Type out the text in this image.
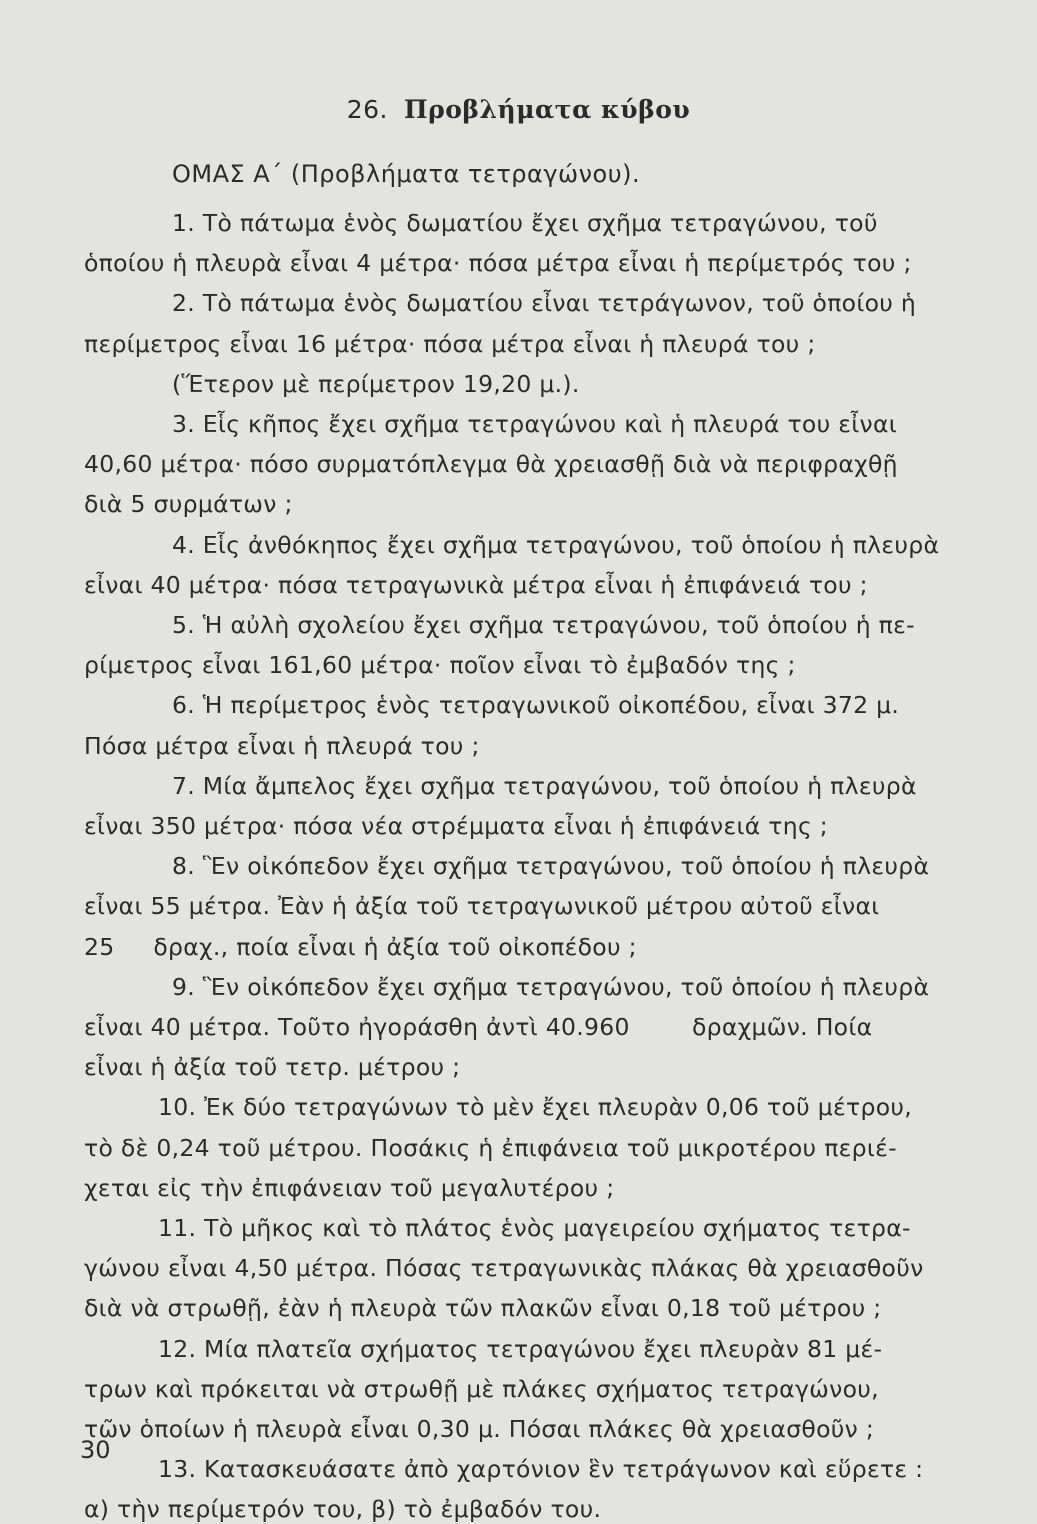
26. Προβλήματα κύβου
ΟΜΑΣ Α΄ (Προβλήματα τετραγώνου).
1. Τὸ πάτωμα ἑνὸς δωματίου ἔχει σχῆμα τετραγώνου, τοῦ
ὁποίου ἡ πλευρὰ εἶναι 4 μέτρα· πόσα μέτρα εἶναι ἡ περίμετρός του ;
2. Τὸ πάτωμα ἑνὸς δωματίου εἶναι τετράγωνον, τοῦ ὁποίου ἡ
περίμετρος εἶναι 16 μέτρα· πόσα μέτρα εἶναι ἡ πλευρά του ;
(Ἕτερον μὲ περίμετρον 19,20 μ.).
3. Εἷς κῆπος ἔχει σχῆμα τετραγώνου καὶ ἡ πλευρά του εἶναι
40,60 μέτρα· πόσο συρματόπλεγμα θὰ χρειασθῇ διὰ νὰ περιφραχθῇ
διὰ 5 συρμάτων ;
4. Εἷς ἀνθόκηπος ἔχει σχῆμα τετραγώνου, τοῦ ὁποίου ἡ πλευρὰ
εἶναι 40 μέτρα· πόσα τετραγωνικὰ μέτρα εἶναι ἡ ἐπιφάνειά του ;
5. Ἡ αὐλὴ σχολείου ἔχει σχῆμα τετραγώνου, τοῦ ὁποίου ἡ πε-
ρίμετρος εἶναι 161,60 μέτρα· ποῖον εἶναι τὸ ἐμβαδόν της ;
6. Ἡ περίμετρος ἑνὸς τετραγωνικοῦ οἰκοπέδου, εἶναι 372 μ.
Πόσα μέτρα εἶναι ἡ πλευρά του ;
7. Μία ἄμπελος ἔχει σχῆμα τετραγώνου, τοῦ ὁποίου ἡ πλευρὰ
εἶναι 350 μέτρα· πόσα νέα στρέμματα εἶναι ἡ ἐπιφάνειά της ;
8. Ἓν οἰκόπεδον ἔχει σχῆμα τετραγώνου, τοῦ ὁποίου ἡ πλευρὰ
εἶναι 55 μέτρα. Ἐὰν ἡ ἀξία τοῦ τετραγωνικοῦ μέτρου αὐτοῦ εἶναι
25     δραχ., ποία εἶναι ἡ ἀξία τοῦ οἰκοπέδου ;
9. Ἓν οἰκόπεδον ἔχει σχῆμα τετραγώνου, τοῦ ὁποίου ἡ πλευρὰ
εἶναι 40 μέτρα. Τοῦτο ἠγοράσθη ἀντὶ 40.960        δραχμῶν. Ποία
εἶναι ἡ ἀξία τοῦ τετρ. μέτρου ;
10. Ἐκ δύο τετραγώνων τὸ μὲν ἔχει πλευρὰν 0,06 τοῦ μέτρου,
τὸ δὲ 0,24 τοῦ μέτρου. Ποσάκις ἡ ἐπιφάνεια τοῦ μικροτέρου περιέ-
χεται εἰς τὴν ἐπιφάνειαν τοῦ μεγαλυτέρου ;
11. Τὸ μῆκος καὶ τὸ πλάτος ἑνὸς μαγειρείου σχήματος τετρα-
γώνου εἶναι 4,50 μέτρα. Πόσας τετραγωνικὰς πλάκας θὰ χρειασθοῦν
διὰ νὰ στρωθῇ, ἐὰν ἡ πλευρὰ τῶν πλακῶν εἶναι 0,18 τοῦ μέτρου ;
12. Μία πλατεῖα σχήματος τετραγώνου ἔχει πλευρὰν 81 μέ-
τρων καὶ πρόκειται νὰ στρωθῇ μὲ πλάκες σχήματος τετραγώνου,
τῶν ὁποίων ἡ πλευρὰ εἶναι 0,30 μ. Πόσαι πλάκες θὰ χρειασθοῦν ;
30
13. Κατασκευάσατε ἀπὸ χαρτόνιον ἓν τετράγωνον καὶ εὕρετε :
α) τὴν περίμετρόν του, β) τὸ ἐμβαδόν του.
